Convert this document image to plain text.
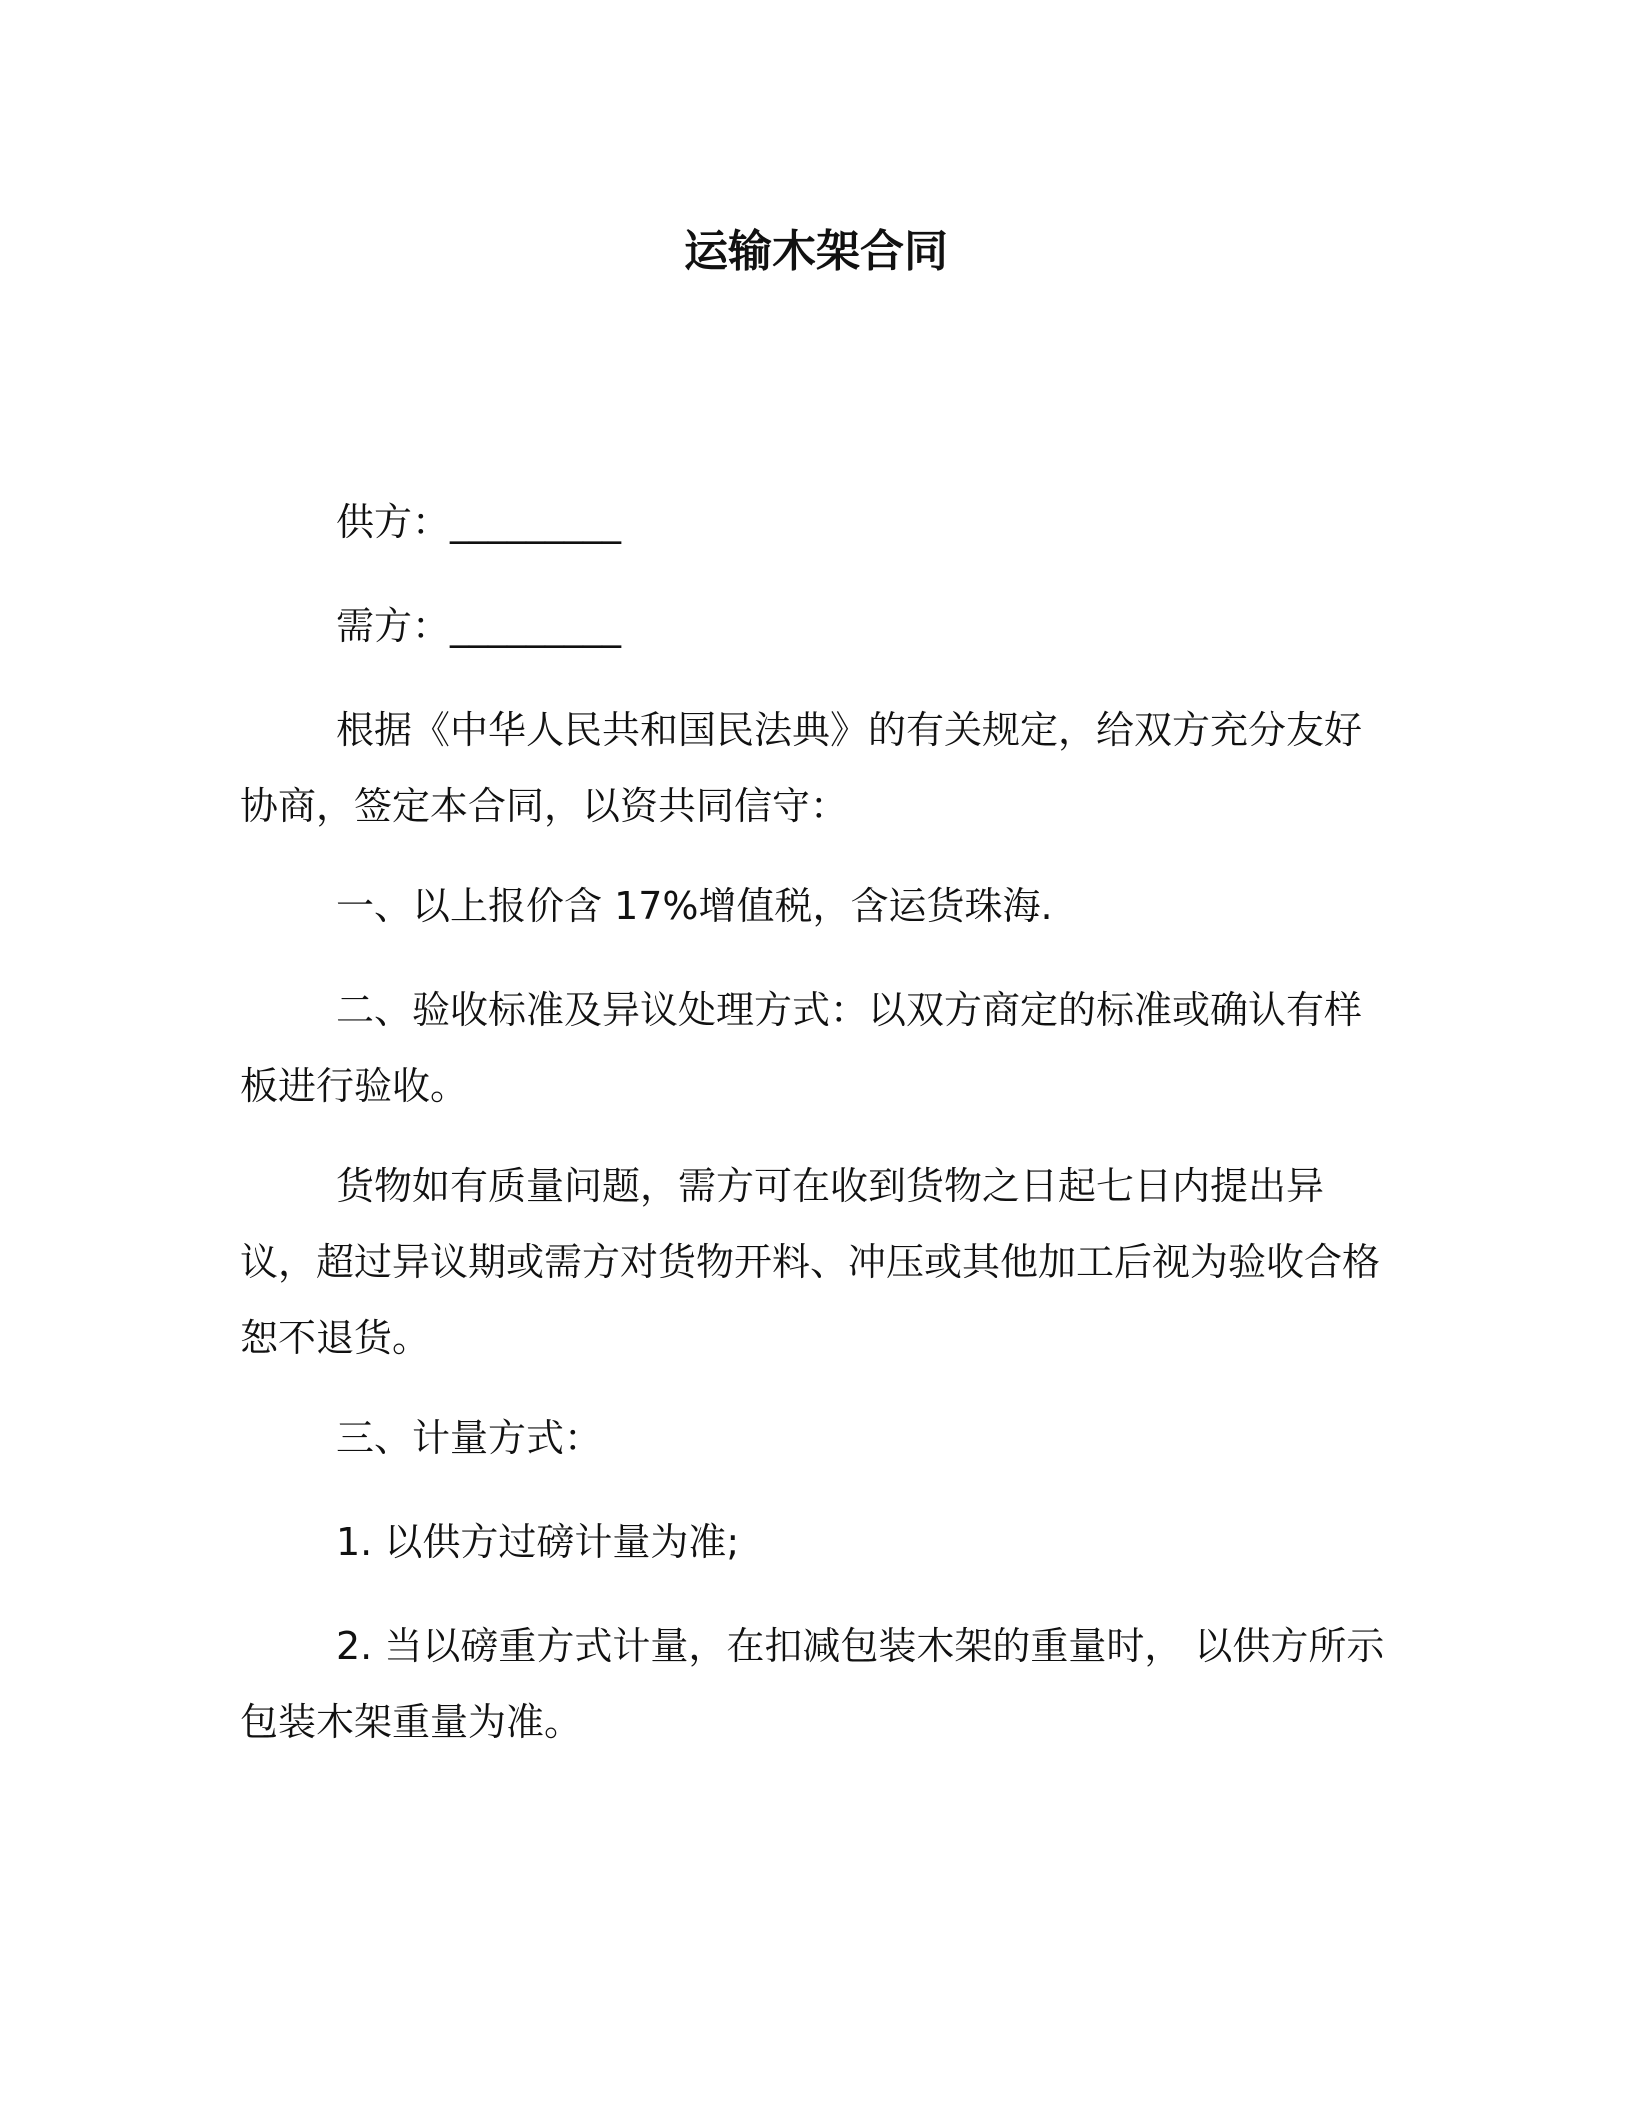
运输木架合同

供方：_________

需方：_________

根据《中华人民共和国民法典》的有关规定，给双方充分友好协商，签定本合同，以资共同信守：

一、以上报价含 17%增值税，含运货珠海.

二、验收标准及异议处理方式：以双方商定的标准或确认有样板进行验收。

货物如有质量问题，需方可在收到货物之日起七日内提出异议，超过异议期或需方对货物开料、冲压或其他加工后视为验收合格恕不退货。

三、计量方式：

1. 以供方过磅计量为准;

2. 当以磅重方式计量，在扣减包装木架的重量时， 以供方所示包装木架重量为准。
